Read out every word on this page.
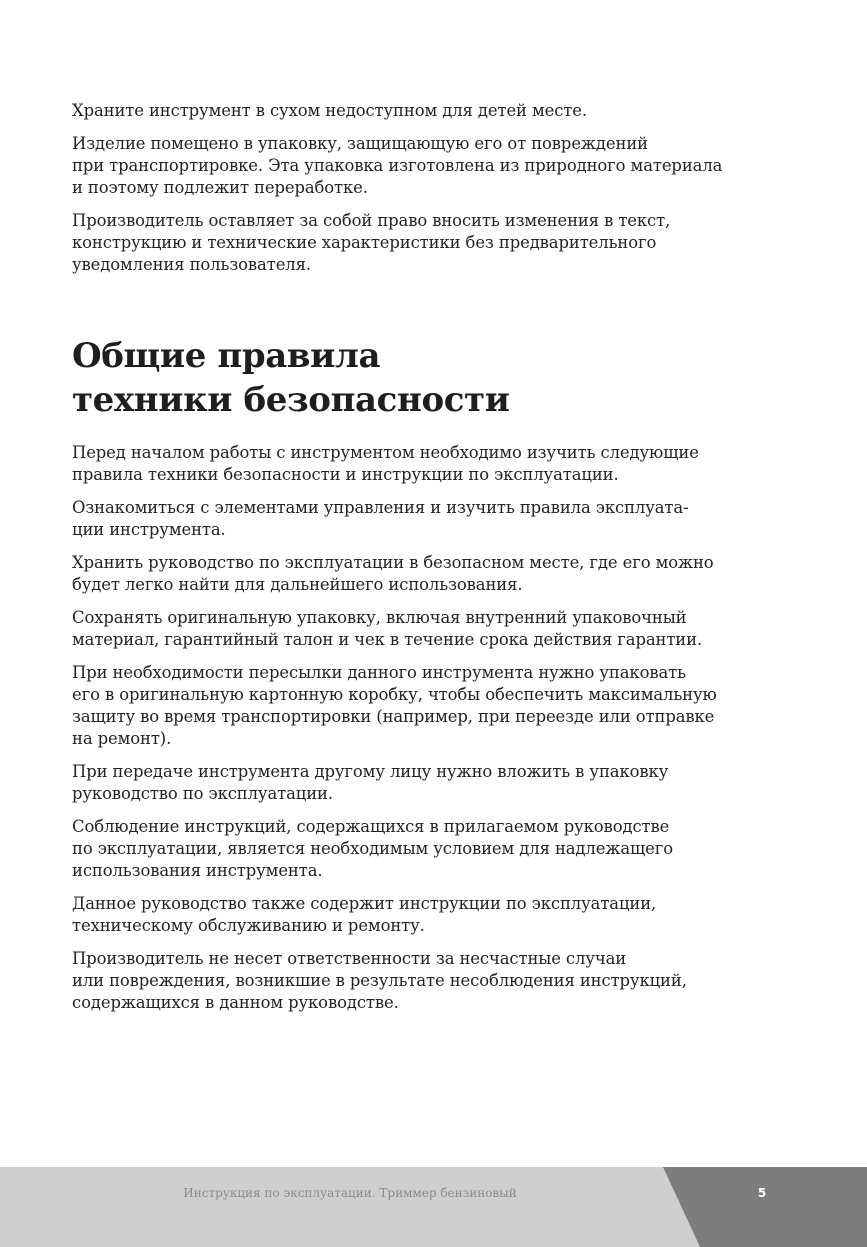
Храните инструмент в сухом недоступном для детей месте.

Изделие помещено в упаковку, защищающую его от повреждений
при транспортировке. Эта упаковка изготовлена из природного материала
и поэтому подлежит переработке.

Производитель оставляет за собой право вносить изменения в текст,
конструкцию и технические характеристики без предварительного
уведомления пользователя.

Общие правила
техники безопасности

Перед началом работы с инструментом необходимо изучить следующие
правила техники безопасности и инструкции по эксплуатации.

Ознакомиться с элементами управления и изучить правила эксплуата-
ции инструмента.

Хранить руководство по эксплуатации в безопасном месте, где его можно
будет легко найти для дальнейшего использования.

Сохранять оригинальную упаковку, включая внутренний упаковочный
материал, гарантийный талон и чек в течение срока действия гарантии.

При необходимости пересылки данного инструмента нужно упаковать
его в оригинальную картонную коробку, чтобы обеспечить максимальную
защиту во время транспортировки (например, при переезде или отправке
на ремонт).

При передаче инструмента другому лицу нужно вложить в упаковку
руководство по эксплуатации.

Соблюдение инструкций, содержащихся в прилагаемом руководстве
по эксплуатации, является необходимым условием для надлежащего
использования инструмента.

Данное руководство также содержит инструкции по эксплуатации,
техническому обслуживанию и ремонту.

Производитель не несет ответственности за несчастные случаи
или повреждения, возникшие в результате несоблюдения инструкций,
содержащихся в данном руководстве.

Инструкция по эксплуатации. Триммер бензиновый	5
